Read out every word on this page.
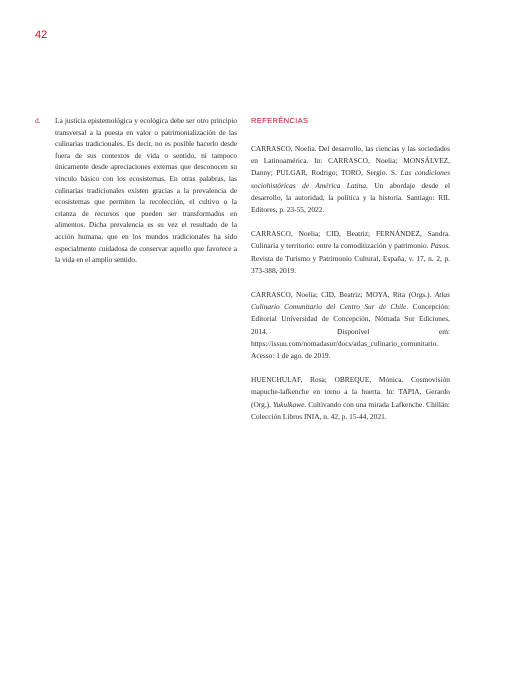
42
d.	La justicia epistemológica y ecológica debe ser otro principio transversal a la puesta en valor o patrimonialización de las culinarias tradicionales. Es decir, no es posible hacerlo desde fuera de sus contextos de vida o sentido, ni tampoco únicamente desde apreciaciones externas que desconocen su vínculo básico con los ecosistemas. En otras palabras, las culinarias tradicionales existen gracias a la prevalencia de ecosistemas que permiten la recolección, el cultivo o la crianza de recursos que pueden ser transformados en alimentos. Dicha prevalencia es su vez el resultado de la acción humana, que en los mundos tradicionales ha sido especialmente cuidadosa de conservar aquello que favorece a la vida en el amplio sentido.

REFERÊNCIAS
CARRASCO, Noelia. Del desarrollo, las ciencias y las sociedades en Latinoamérica. In: CARRASCO, Noelia; MONSÁLVEZ, Danny; PULGAR, Rodrigo; TORO, Sergio. S. Las condiciones sociohistóricas de América Latina. Un abordaje desde el desarrollo, la autoridad, la política y la historia. Santiago: RIL Editores, p. 23-55, 2022.
CARRASCO, Noelia; CID, Beatriz; FERNÁNDEZ, Sandra. Culinaria y territorio: entre la comoditización y patrimonio. Pasos. Revista de Turismo y Patrimonio Cultural, España, v. 17, n. 2, p. 373-388, 2019.
CARRASCO, Noelia; CID, Beatriz; MOYA, Rita (Orgs.). Atlas Culinario Comunitario del Centro Sur de Chile. Concepción: Editorial Universidad de Concepción, Nómada Sur Ediciones, 2014. Disponível em: https://issuu.com/nomadasur/docs/atlas_culinario_comunitario. Acesso: 1 de ago. de 2019.
HUENCHULAF, Rosa; OBREQUE, Mónica. Cosmovisión mapuche-lafkenche en torno a la huerta. In: TAPIA, Gerardo (Org.). Yukulkawe. Cultivando con una mirada Lafkenche. Chillán: Colección Libros INIA, n. 42, p. 15-44, 2021.
